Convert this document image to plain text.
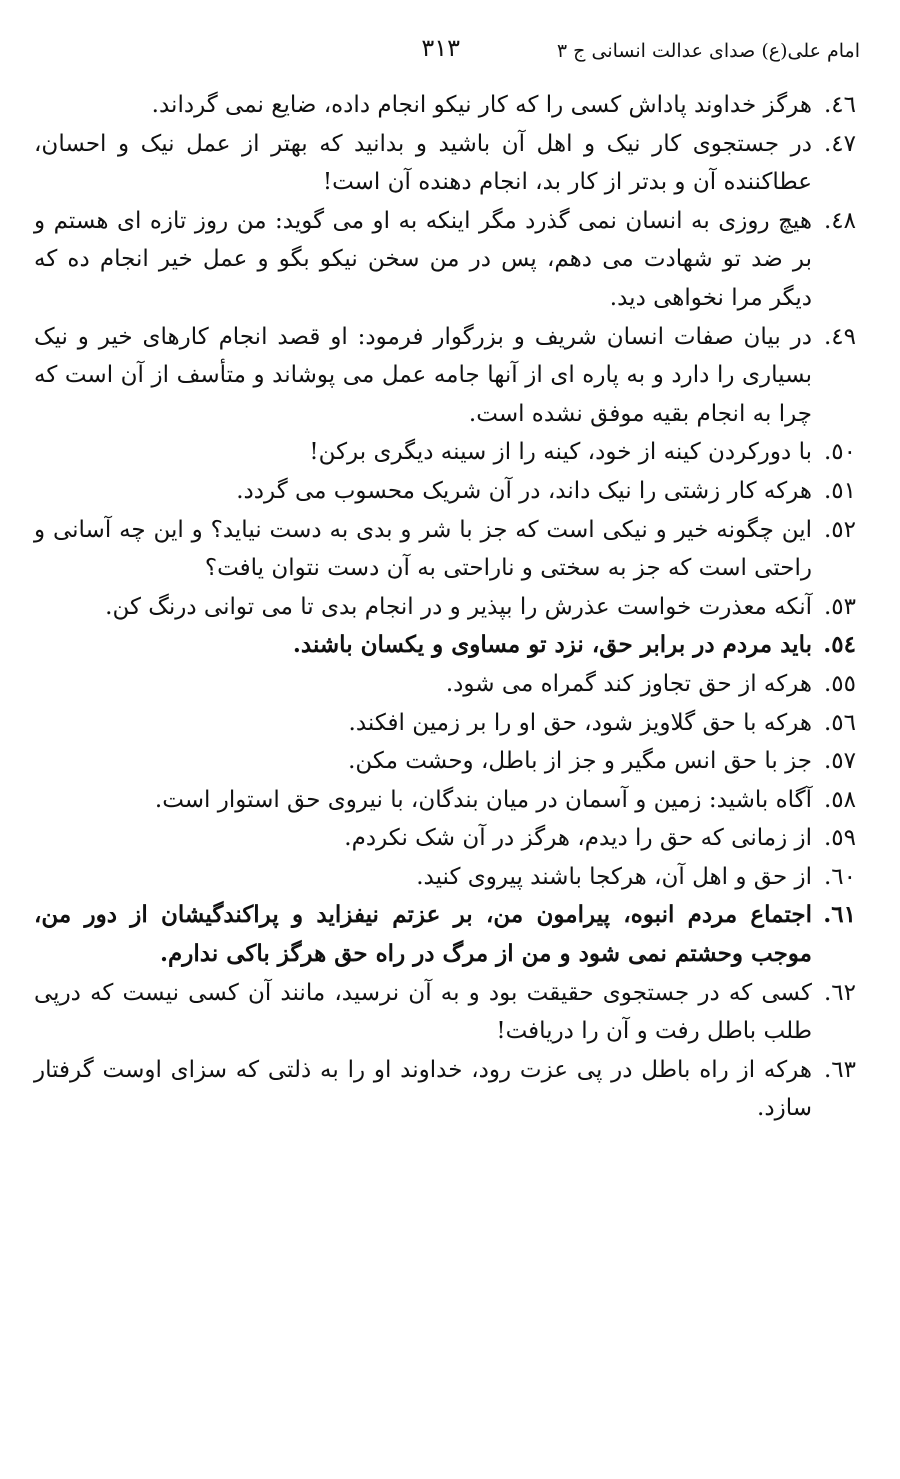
امام علی(ع) صدای عدالت انسانی ج ۳
۳۱۳
٤٦.
هرگز خداوند پاداش کسی را که کار نیکو انجام داده، ضایع نمی گرداند.
٤٧.
در جستجوی کار نیک و اهل آن باشید و بدانید که بهتر از عمل نیک و احسان، عطاکننده آن و بدتر از کار بد، انجام دهنده آن است!
٤٨.
هیچ روزی به انسان نمی گذرد مگر اینکه به او می گوید: من روز تازه ای هستم و بر ضد تو شهادت می دهم، پس در من سخن نیکو بگو و عمل خیر انجام ده که دیگر مرا نخواهی دید.
٤٩.
در بیان صفات انسان شریف و بزرگوار فرمود: او قصد انجام کارهای خیر و نیک بسیاری را دارد و به پاره ای از آنها جامه عمل می پوشاند و متأسف از آن است که چرا به انجام بقیه موفق نشده است.
٥٠.
با دورکردن کینه از خود، کینه را از سینه دیگری برکن!
٥١.
هرکه کار زشتی را نیک داند، در آن شریک محسوب می گردد.
٥٢.
این چگونه خیر و نیکی است که جز با شر و بدی به دست نیاید؟ و این چه آسانی و راحتی است که جز به سختی و ناراحتی به آن دست نتوان یافت؟
٥٣.
آنکه معذرت خواست عذرش را بپذیر و در انجام بدی تا می توانی درنگ کن.
٥٤.
باید مردم در برابر حق، نزد تو مساوی و یکسان باشند.
٥٥.
هرکه از حق تجاوز کند گمراه می شود.
٥٦.
هرکه با حق گلاویز شود، حق او را بر زمین افکند.
٥٧.
جز با حق انس مگیر و جز از باطل، وحشت مکن.
٥٨.
آگاه باشید: زمین و آسمان در میان بندگان، با نیروی حق استوار است.
٥٩.
از زمانی که حق را دیدم، هرگز در آن شک نکردم.
٦٠.
از حق و اهل آن، هرکجا باشند پیروی کنید.
٦١.
اجتماع مردم انبوه، پیرامون من، بر عزتم نیفزاید و پراکندگیشان از دور من، موجب وحشتم نمی شود و من از مرگ در راه حق هرگز باکی ندارم.
٦٢.
کسی که در جستجوی حقیقت بود و به آن نرسید، مانند آن کسی نیست که درپی طلب باطل رفت و آن را دریافت!
٦٣.
هرکه از راه باطل در پی عزت رود، خداوند او را به ذلتی که سزای اوست گرفتار سازد.
